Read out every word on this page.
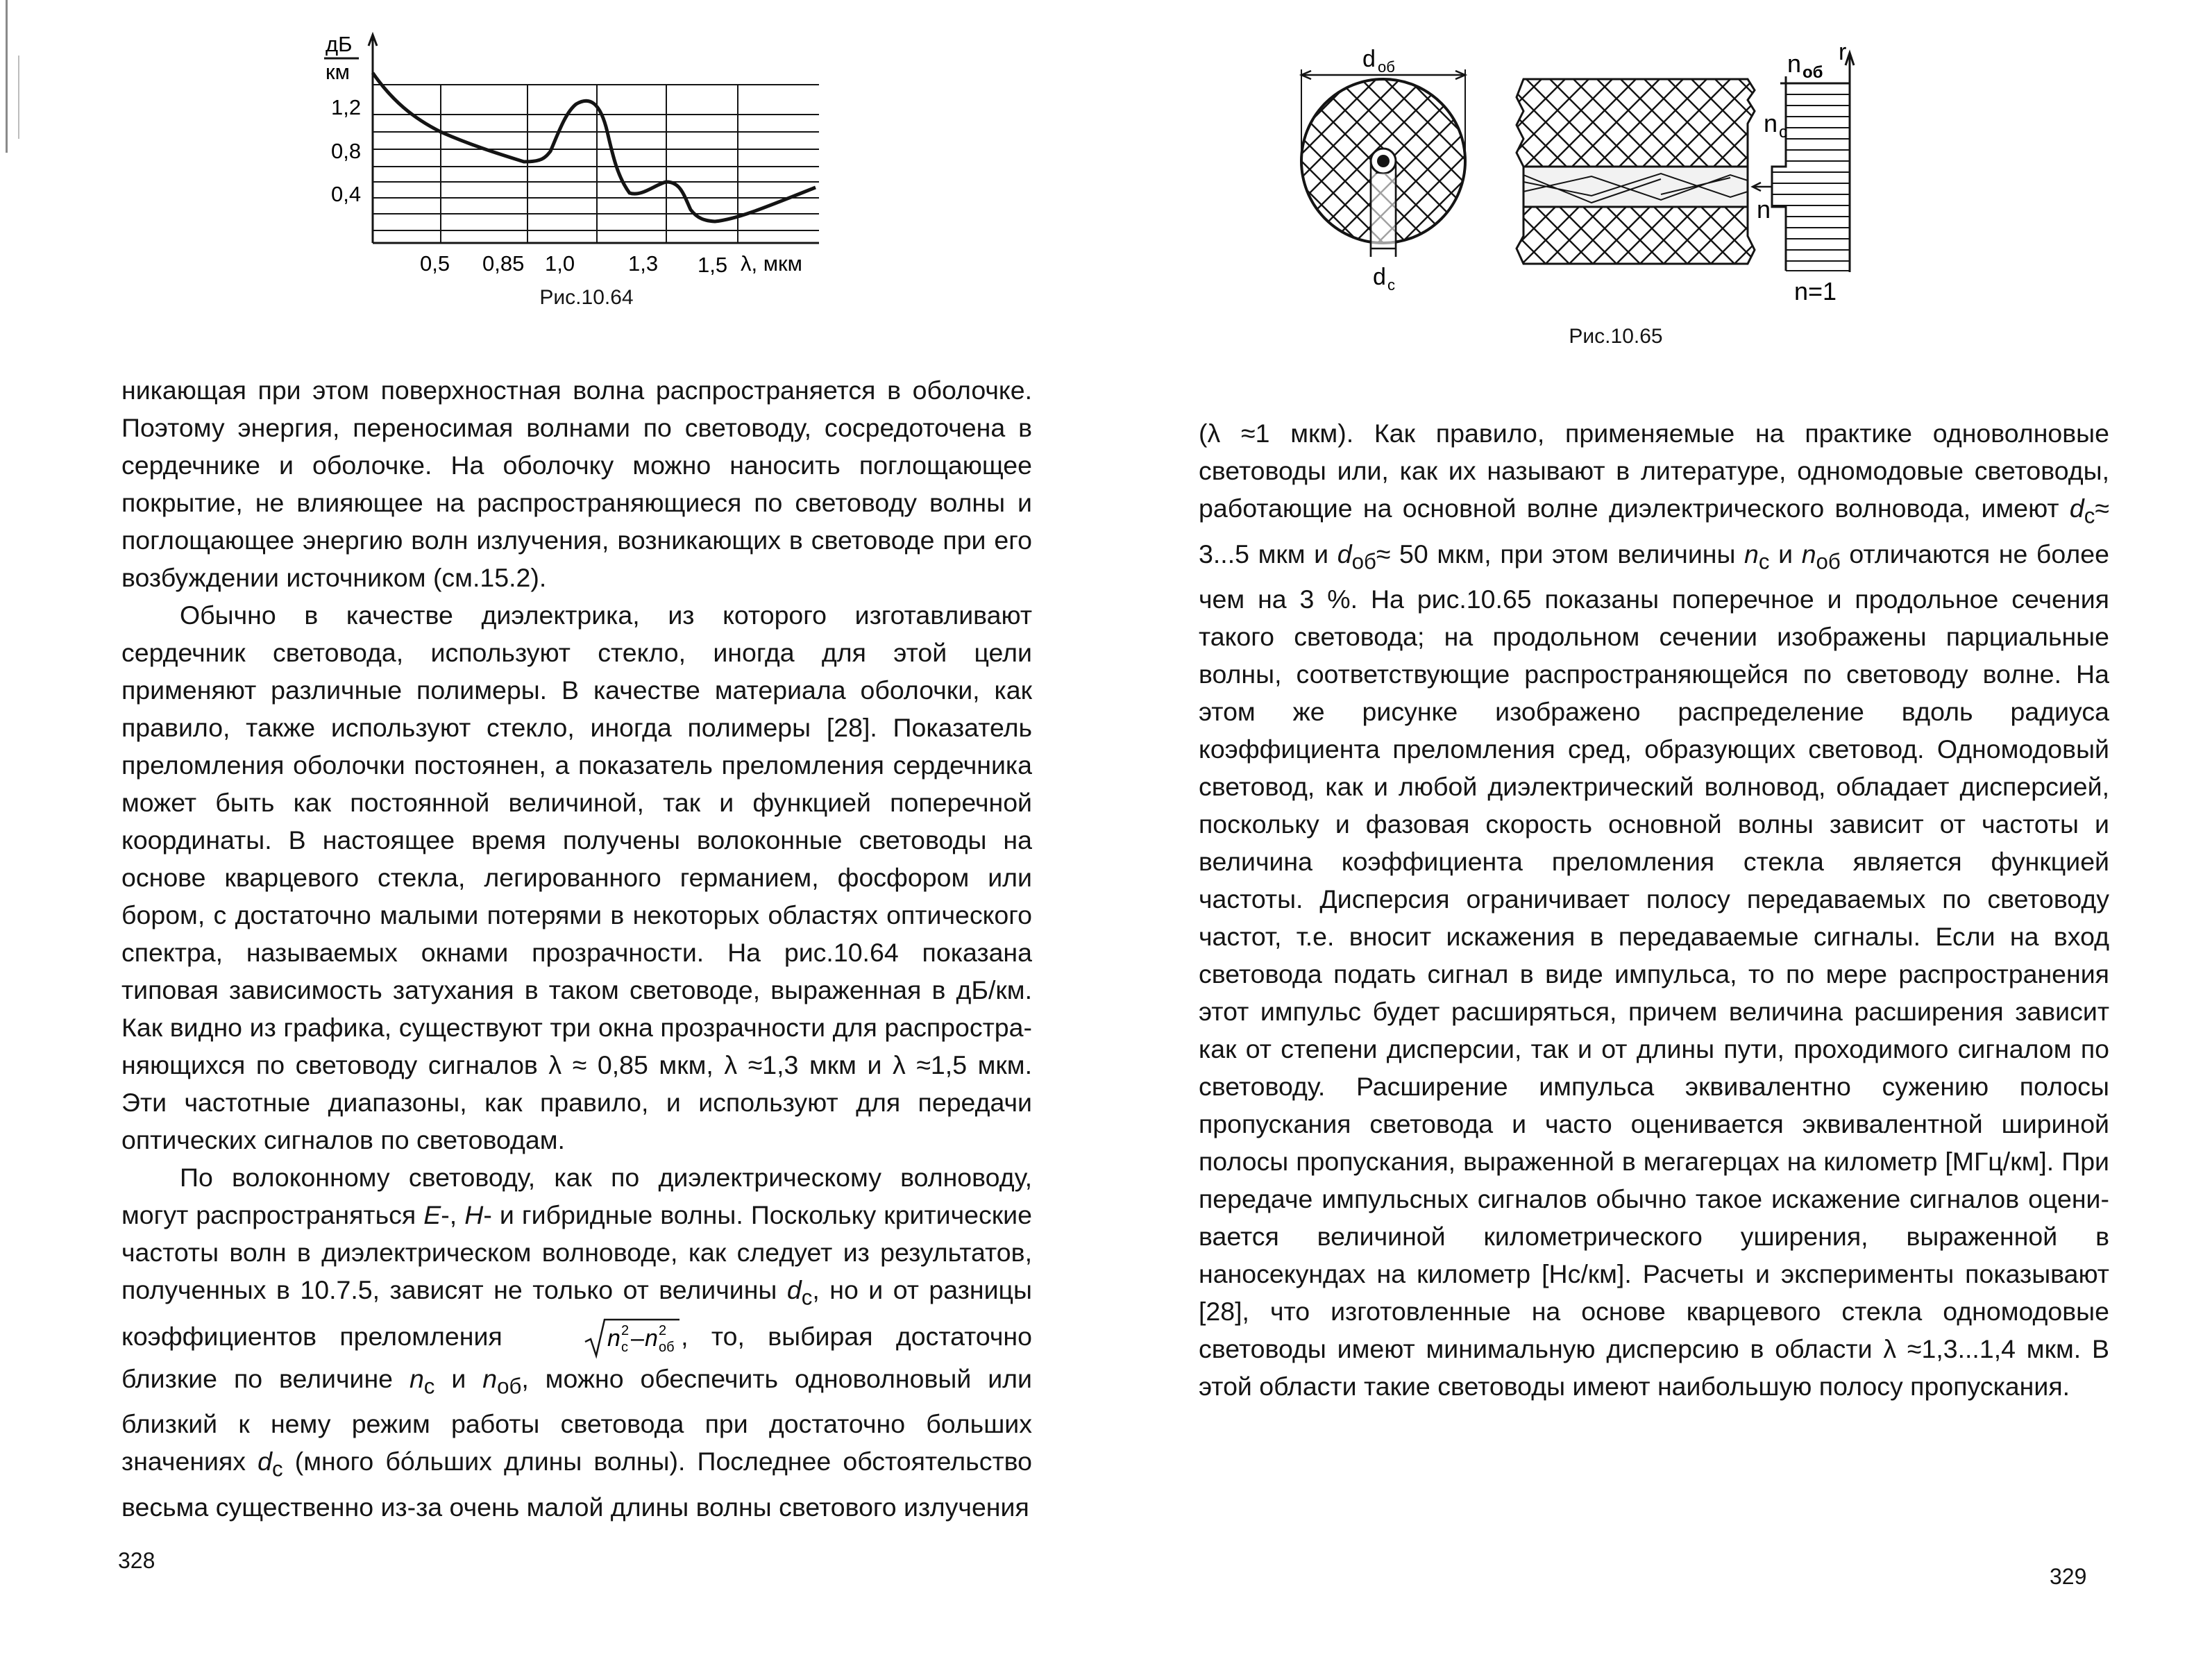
дБ
км
1,2
0,8
0,4
0,5 0,85 1,0 1,3 1,5 λ, мкм
Рис.10.64

никающая при этом поверхностная волна распространяется в оболочке. Поэтому энергия, переносимая волнами по световоду, сосредоточена в сердечнике и оболочке. На оболочку можно наносить поглощающее покрытие, не влияющее на распространяющиеся по световоду волны и поглощающее энергию волн излучения, возникающих в световоде при его возбуждении источником (см.15.2).

Обычно в качестве диэлектрика, из которого изготавливают сердечник световода, используют стекло, иногда для этой цели применяют различные полимеры. В качестве материала оболочки, как правило, также используют стекло, иногда полимеры [28]. Показатель преломления оболочки постоянен, а показатель преломления сердечника может быть как постоянной величиной, так и функцией поперечной координаты. В настоящее время получены волоконные световоды на основе кварцевого стекла, легированного германием, фосфором или бором, с достаточно малыми потерями в некоторых областях оптического спектра, называемых окнами прозрачности. На рис.10.64 показана типовая зависимость затухания в таком световоде, выраженная в дБ/км. Как видно из графика, существуют три окна прозрачности для распространяющихся по световоду сигналов λ ≈ 0,85 мкм, λ ≈1,3 мкм и λ ≈1,5 мкм. Эти частотные диапазоны, как правило, и используют для передачи оптических сигналов по световодам.

По волоконному световоду, как по диэлектрическому волноводу, могут распространяться E-, H- и гибридные волны. Поскольку критические частоты волн в диэлектрическом волноводе, как следует из результатов, полученных в 10.7.5, зависят не только от величины $d_c$, но и от разницы коэффициентов преломления	n c
2 – n об
2 , то, выбирая достаточно близкие по величине $n_c$ и $n_{об}$, можно обеспечить одноволновый или близкий к нему режим работы световода при достаточно больших значениях $d_c$ (много бóльших длины волны). Последнее обстоятельство весьма существенно из-за очень малой длины волны светового излучения

328
d об
d c
n об
r
n c
n
n=1
Рис.10.65

(λ ≈1 мкм). Как правило, применяемые на практике одноволновые световоды или, как их называют в литературе, одномодовые световоды, работающие на основной волне диэлектрического волновода, имеют $d_c\approx 3...5$ мкм и $d_{об}\approx 50$ мкм, при этом величины $n_c$ и $n_{об}$ отличаются не более чем на 3 %. На рис.10.65 показаны поперечное и продольное сечения такого световода; на продольном сечении изображены парциальные волны, соответствующие распространяющейся по световоду волне. На этом же рисунке изображено распределение вдоль радиуса коэффициента преломления сред, образующих световод. Одномодовый световод, как и любой диэлектрический волновод, обладает дисперсией, поскольку и фазовая скорость основной волны зависит от частоты и величина коэффициента преломления стекла является функцией частоты. Дисперсия ограничивает полосу передаваемых по световоду частот, т.е. вносит искажения в передаваемые сигналы. Если на вход световода подать сигнал в виде импульса, то по мере распространения этот импульс будет расширяться, причем величина расширения зависит как от степени дисперсии, так и от длины пути, проходимого сигналом по световоду. Расширение импульса эквивалентно сужению полосы пропускания световода и часто оценивается эквивалентной шириной полосы пропускания, выраженной в мегагерцах на километр [МГц/км]. При передаче импульсных сигналов обычно такое искажение сигналов оценивается величиной километрического уширения, выраженной в наносекундах на километр [Нс/км]. Расчеты и эксперименты показывают [28], что изготовленные на основе кварцевого стекла одномодовые световоды имеют минимальную дисперсию в области λ ≈1,3...1,4 мкм. В этой области такие световоды имеют наибольшую полосу пропускания.

329
